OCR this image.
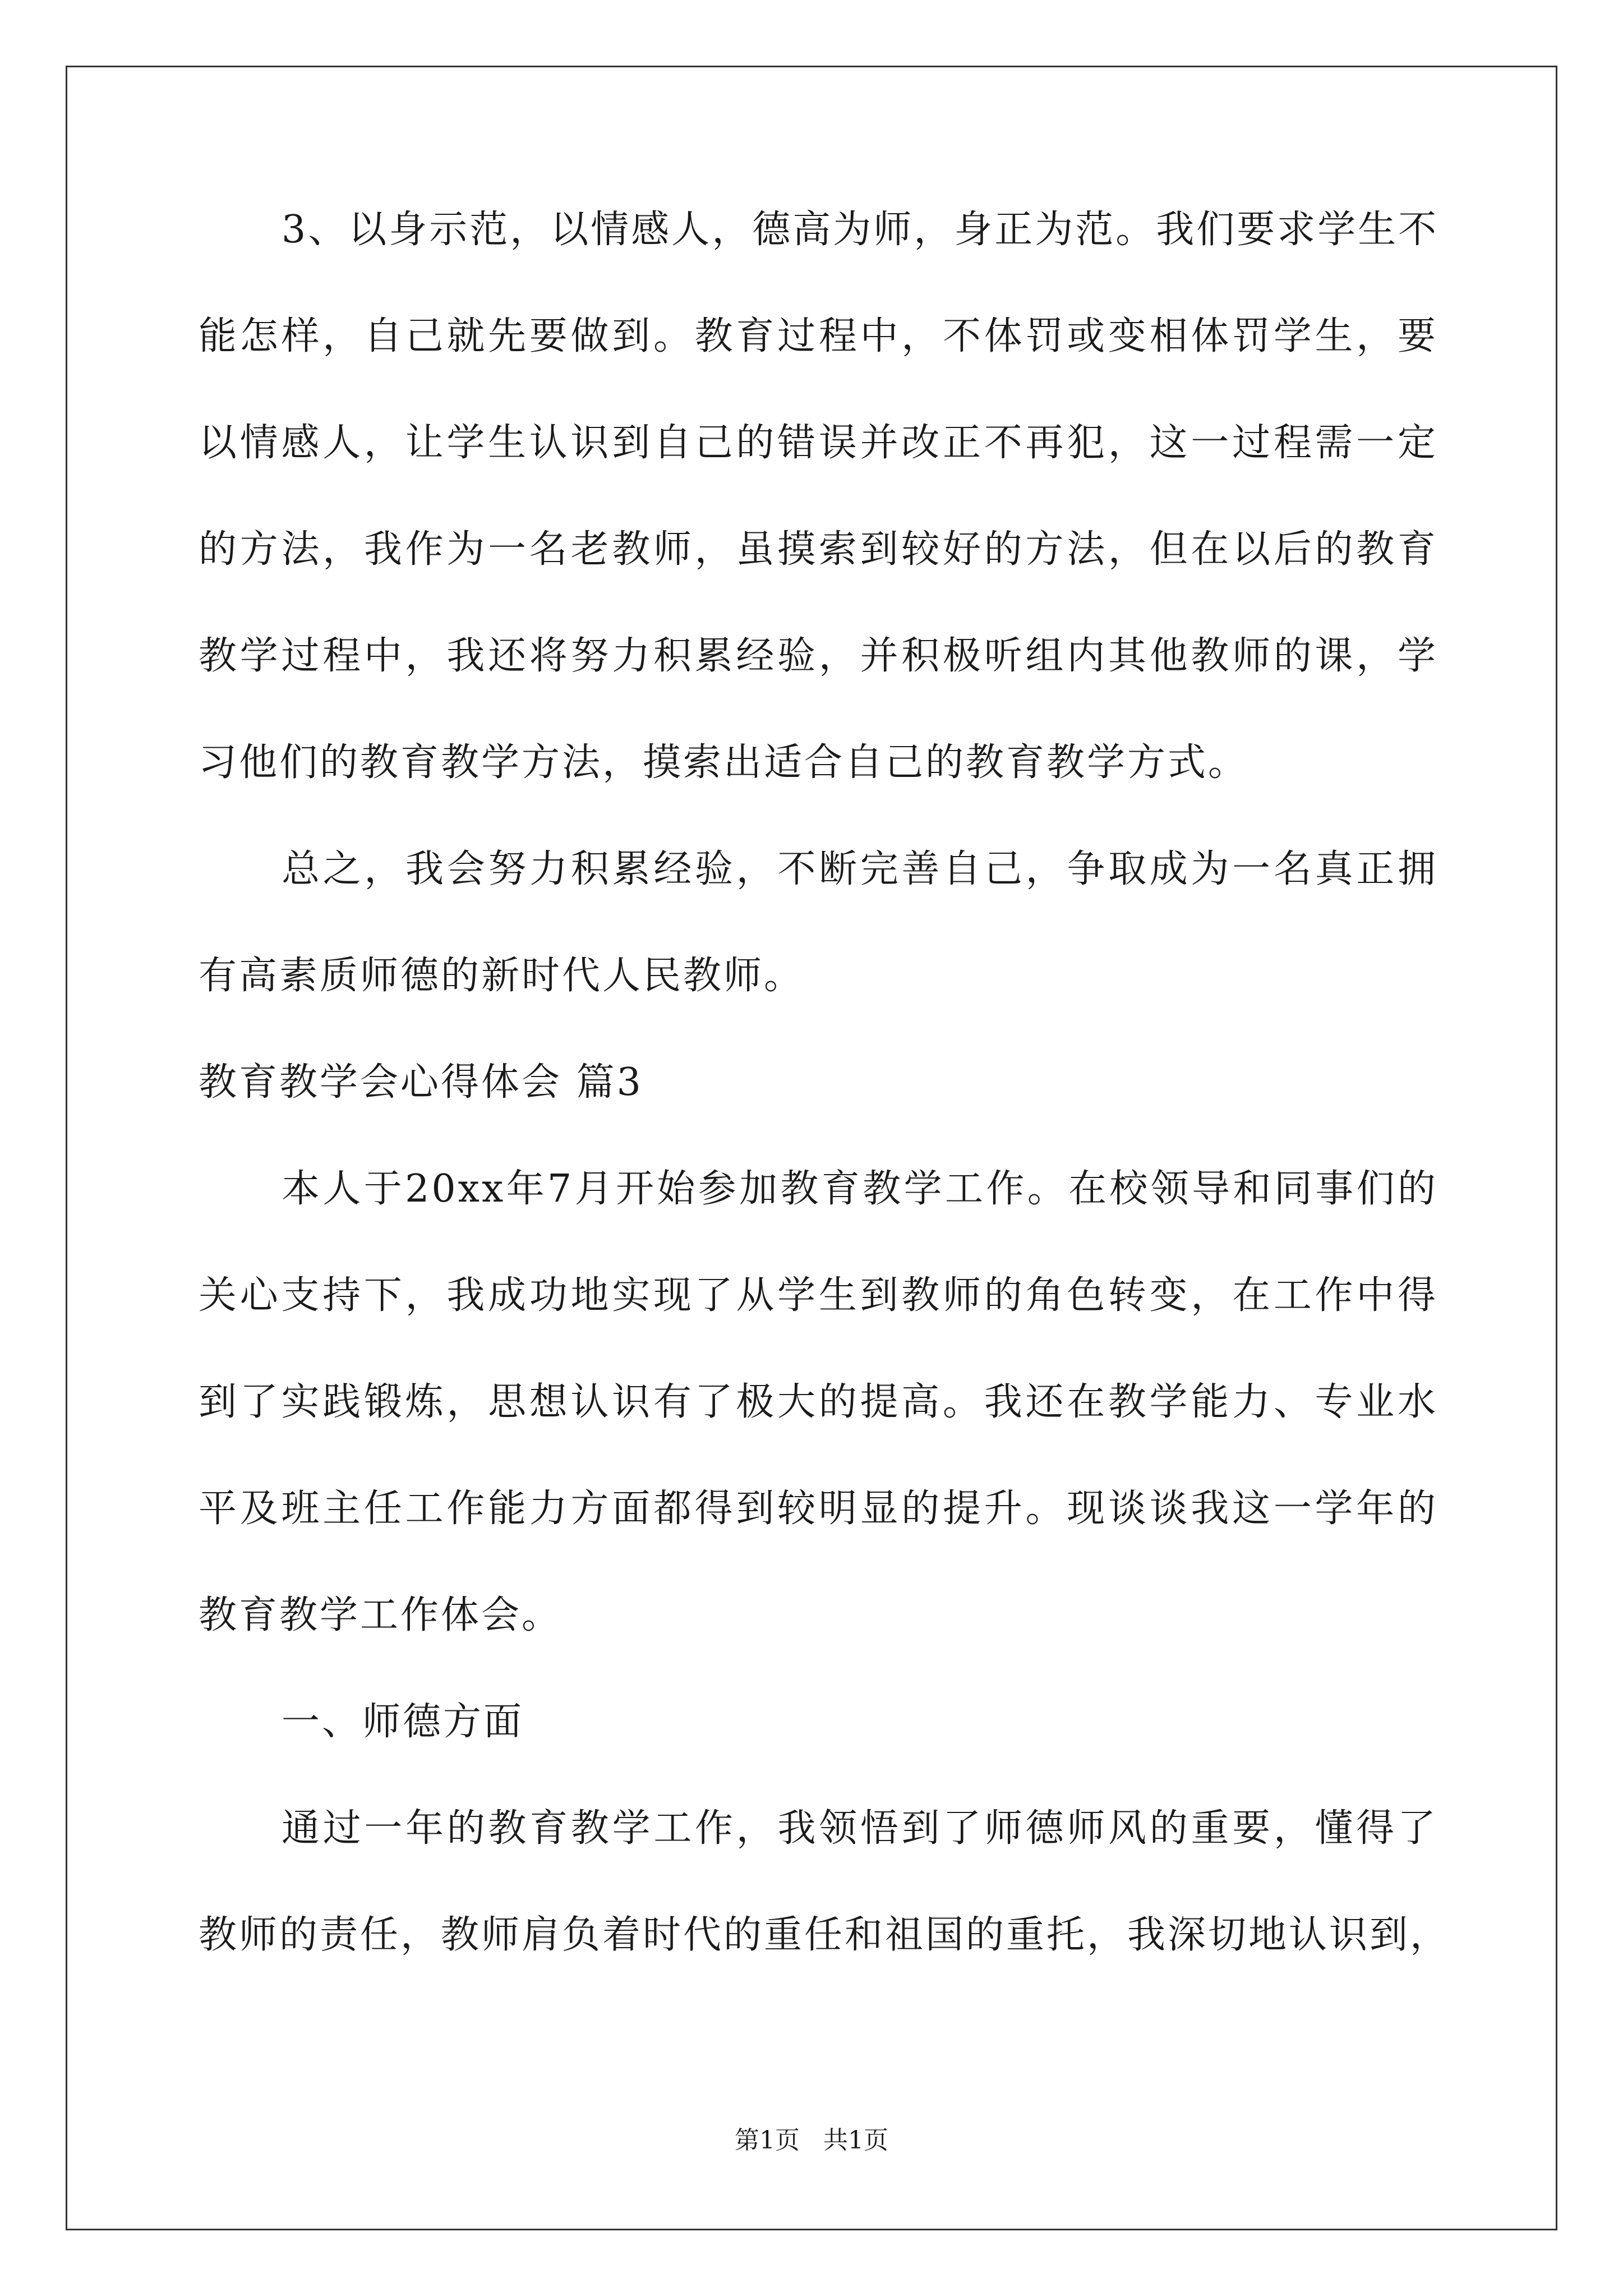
3、以身示范，以情感人，德高为师，身正为范。我们要求学生不
能怎样，自己就先要做到。教育过程中，不体罚或变相体罚学生，要
以情感人，让学生认识到自己的错误并改正不再犯，这一过程需一定
的方法，我作为一名老教师，虽摸索到较好的方法，但在以后的教育
教学过程中，我还将努力积累经验，并积极听组内其他教师的课，学
习他们的教育教学方法，摸索出适合自己的教育教学方式。
总之，我会努力积累经验，不断完善自己，争取成为一名真正拥
有高素质师德的新时代人民教师。
教育教学会心得体会 篇3
本人于20xx年7月开始参加教育教学工作。在校领导和同事们的
关心支持下，我成功地实现了从学生到教师的角色转变，在工作中得
到了实践锻炼，思想认识有了极大的提高。我还在教学能力、专业水
平及班主任工作能力方面都得到较明显的提升。现谈谈我这一学年的
教育教学工作体会。
一、师德方面
通过一年的教育教学工作，我领悟到了师德师风的重要，懂得了
教师的责任，教师肩负着时代的重任和祖国的重托，我深切地认识到，
第1页 共1页
